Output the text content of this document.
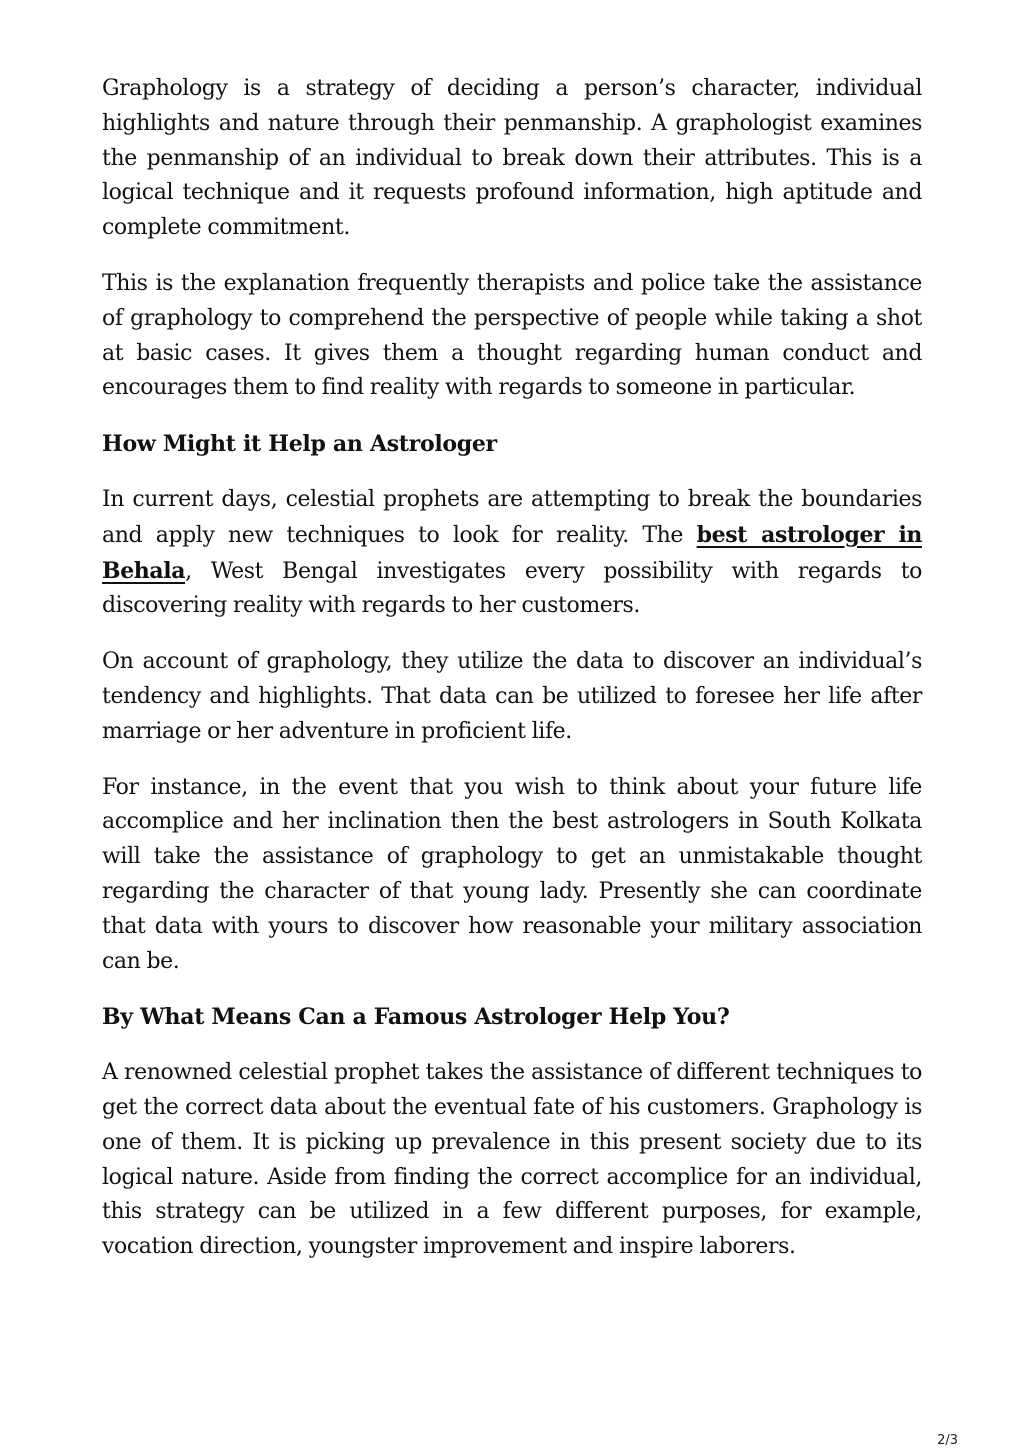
Graphology is a strategy of deciding a person’s character, individual highlights and nature through their penmanship. A graphologist examines the penmanship of an individual to break down their attributes. This is a logical technique and it requests profound information, high aptitude and complete commitment.

This is the explanation frequently therapists and police take the assistance of graphology to comprehend the perspective of people while taking a shot at basic cases. It gives them a thought regarding human conduct and encourages them to find reality with regards to someone in particular.

How Might it Help an Astrologer

In current days, celestial prophets are attempting to break the boundaries and apply new techniques to look for reality. The best astrologer in Behala, West Bengal investigates every possibility with regards to discovering reality with regards to her customers.

On account of graphology, they utilize the data to discover an individual’s tendency and highlights. That data can be utilized to foresee her life after marriage or her adventure in proficient life.

For instance, in the event that you wish to think about your future life accomplice and her inclination then the best astrologers in South Kolkata will take the assistance of graphology to get an unmistakable thought regarding the character of that young lady. Presently she can coordinate that data with yours to discover how reasonable your military association can be.

By What Means Can a Famous Astrologer Help You?

A renowned celestial prophet takes the assistance of different techniques to get the correct data about the eventual fate of his customers. Graphology is one of them. It is picking up prevalence in this present society due to its logical nature. Aside from finding the correct accomplice for an individual, this strategy can be utilized in a few different purposes, for example, vocation direction, youngster improvement and inspire laborers.

2/3
